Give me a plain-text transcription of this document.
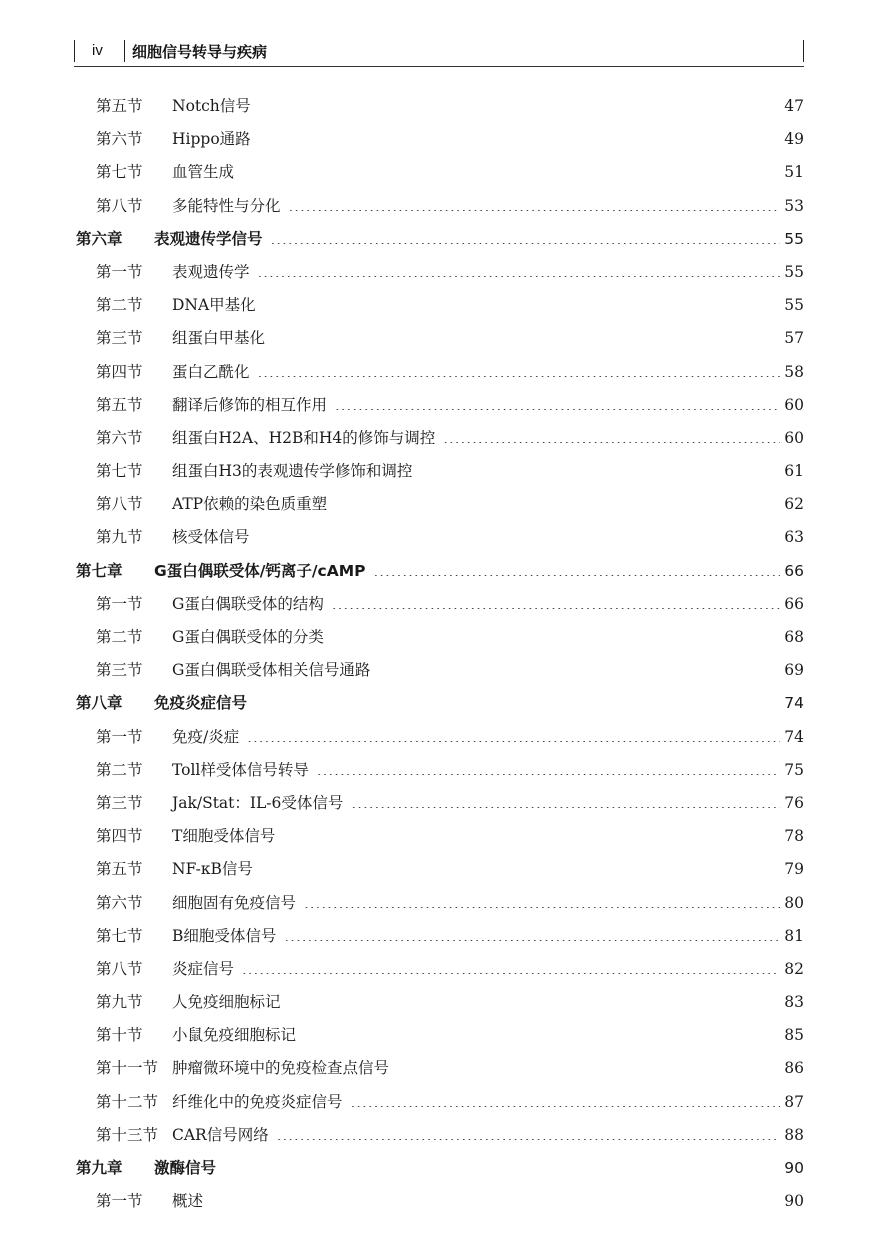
iv 细胞信号转导与疾病
第五节	Notch信号 ·····	47
第六节	Hippo通路 ·····	49
第七节	血管生成 ·····	51
第八节	多能特性与分化 ·····	53
第六章	表观遗传学信号 ·····	55
第一节	表观遗传学 ·····	55
第二节	DNA甲基化 ·····	55
第三节	组蛋白甲基化 ·····	57
第四节	蛋白乙酰化 ·····	58
第五节	翻译后修饰的相互作用 ·····	60
第六节	组蛋白H2A、H2B和H4的修饰与调控 ·····	60
第七节	组蛋白H3的表观遗传学修饰和调控 ·····	61
第八节	ATP依赖的染色质重塑 ·····	62
第九节	核受体信号 ·····	63
第七章	G蛋白偶联受体/钙离子/cAMP ·····	66
第一节	G蛋白偶联受体的结构 ·····	66
第二节	G蛋白偶联受体的分类 ·····	68
第三节	G蛋白偶联受体相关信号通路 ·····	69
第八章	免疫炎症信号 ·····	74
第一节	免疫/炎症 ·····	74
第二节	Toll样受体信号转导 ·····	75
第三节	Jak/Stat：IL-6受体信号 ·····	76
第四节	T细胞受体信号 ·····	78
第五节	NF-κB信号 ·····	79
第六节	细胞固有免疫信号 ·····	80
第七节	B细胞受体信号 ·····	81
第八节	炎症信号 ·····	82
第九节	人免疫细胞标记 ·····	83
第十节	小鼠免疫细胞标记 ·····	85
第十一节 肿瘤微环境中的免疫检查点信号 ·····	86
第十二节 纤维化中的免疫炎症信号 ·····	87
第十三节 CAR信号网络 ·····	88
第九章	激酶信号 ·····	90
第一节	概述 ·····	90
